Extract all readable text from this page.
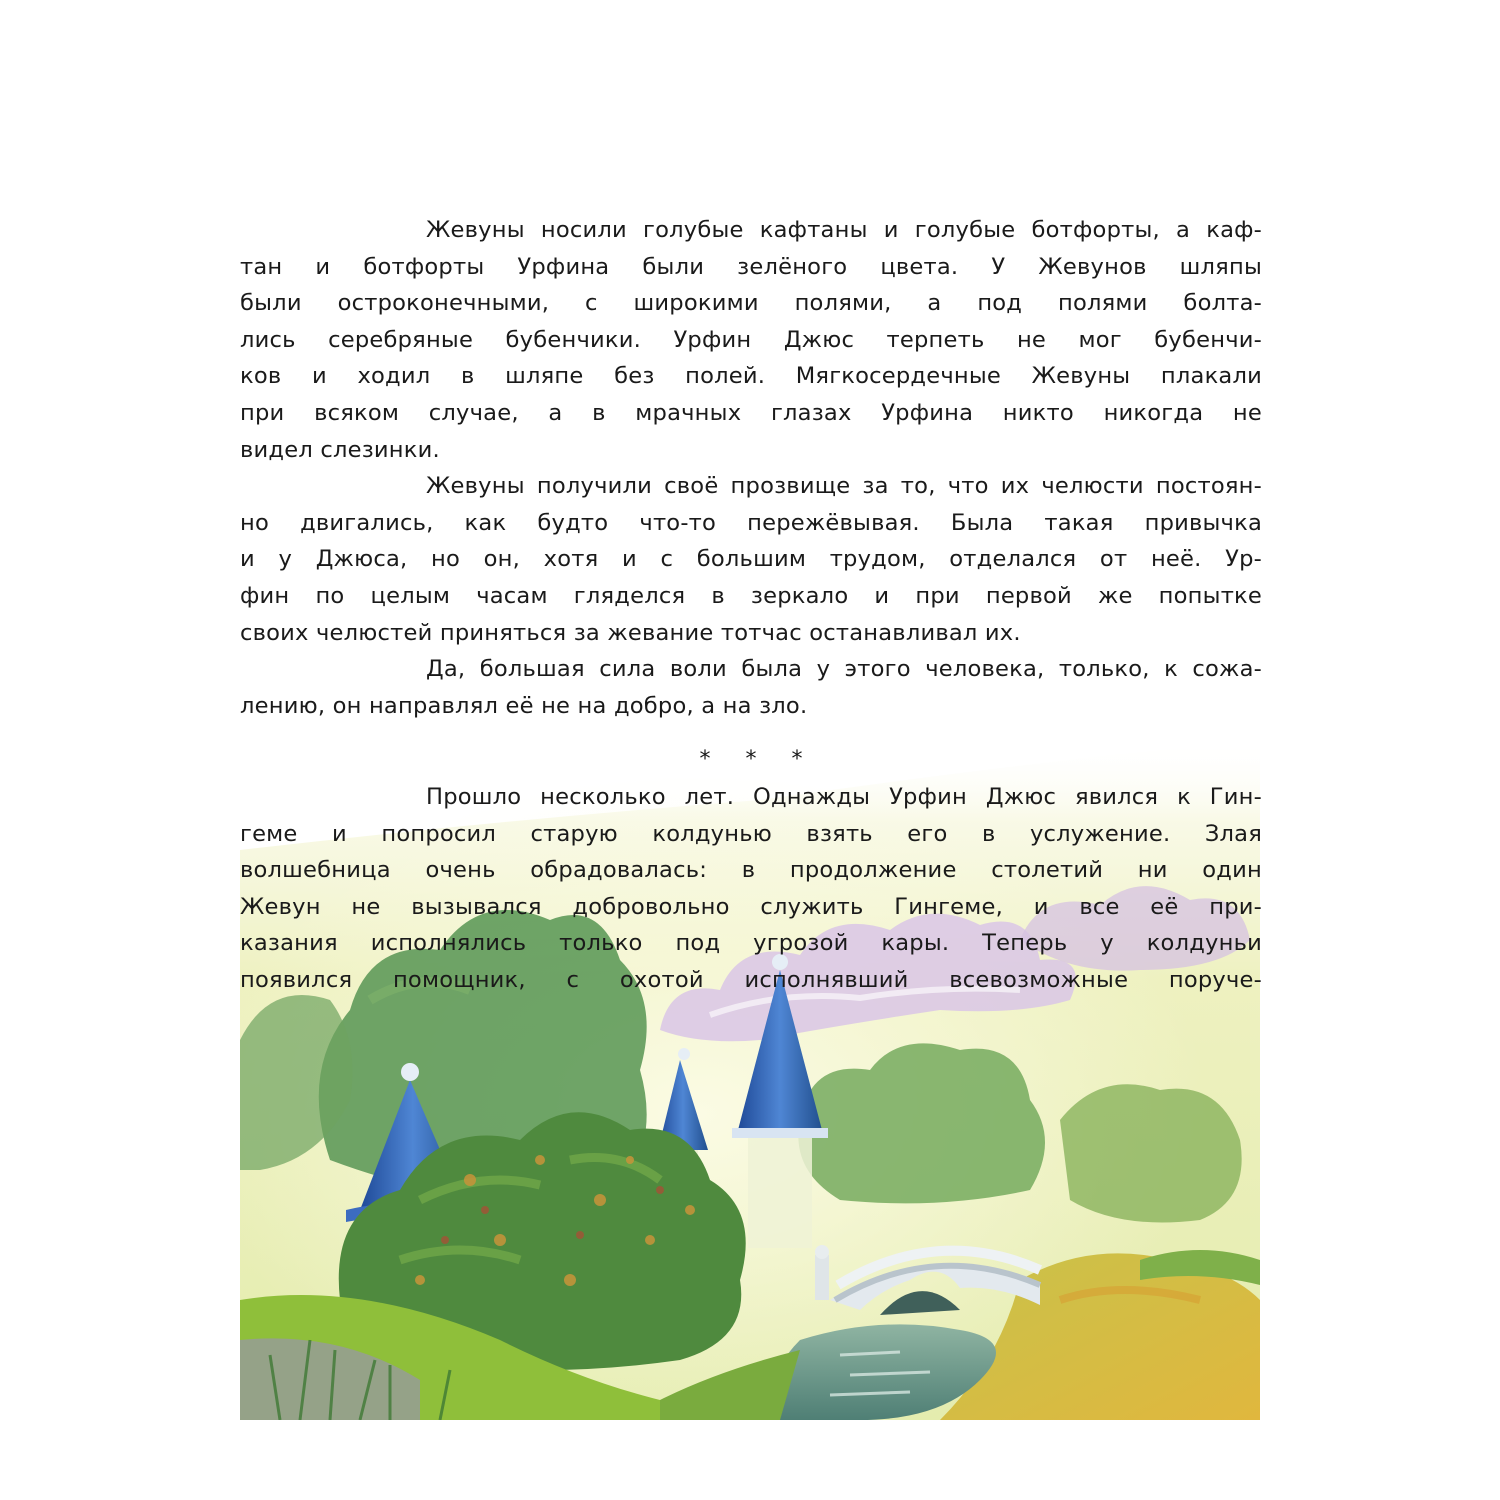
Жевуны носили голубые кафтаны и голубые ботфорты, а каф-
тан и ботфорты Урфина были зелёного цвета. У Жевунов шляпы
были остроконечными, с широкими полями, а под полями болта-
лись серебряные бубенчики. Урфин Джюс терпеть не мог бубенчи-
ков и ходил в шляпе без полей. Мягкосердечные Жевуны плакали
при всяком случае, а в мрачных глазах Урфина никто никогда не
видел слезинки.
Жевуны получили своё прозвище за то, что их челюсти постоян-
но двигались, как будто что-то пережёвывая. Была такая привычка
и у Джюса, но он, хотя и с большим трудом, отделался от неё. Ур-
фин по целым часам гляделся в зеркало и при первой же попытке
своих челюстей приняться за жевание тотчас останавливал их.
Да, большая сила воли была у этого человека, только, к сожа-
лению, он направлял её не на добро, а на зло.
* * *
Прошло несколько лет. Однажды Урфин Джюс явился к Гин-
геме и попросил старую колдунью взять его в услужение. Злая
волшебница очень обрадовалась: в продолжение столетий ни один
Жевун не вызывался добровольно служить Гингеме, и все её при-
казания исполнялись только под угрозой кары. Теперь у колдуньи
появился помощник, с охотой исполнявший всевозможные поруче-
